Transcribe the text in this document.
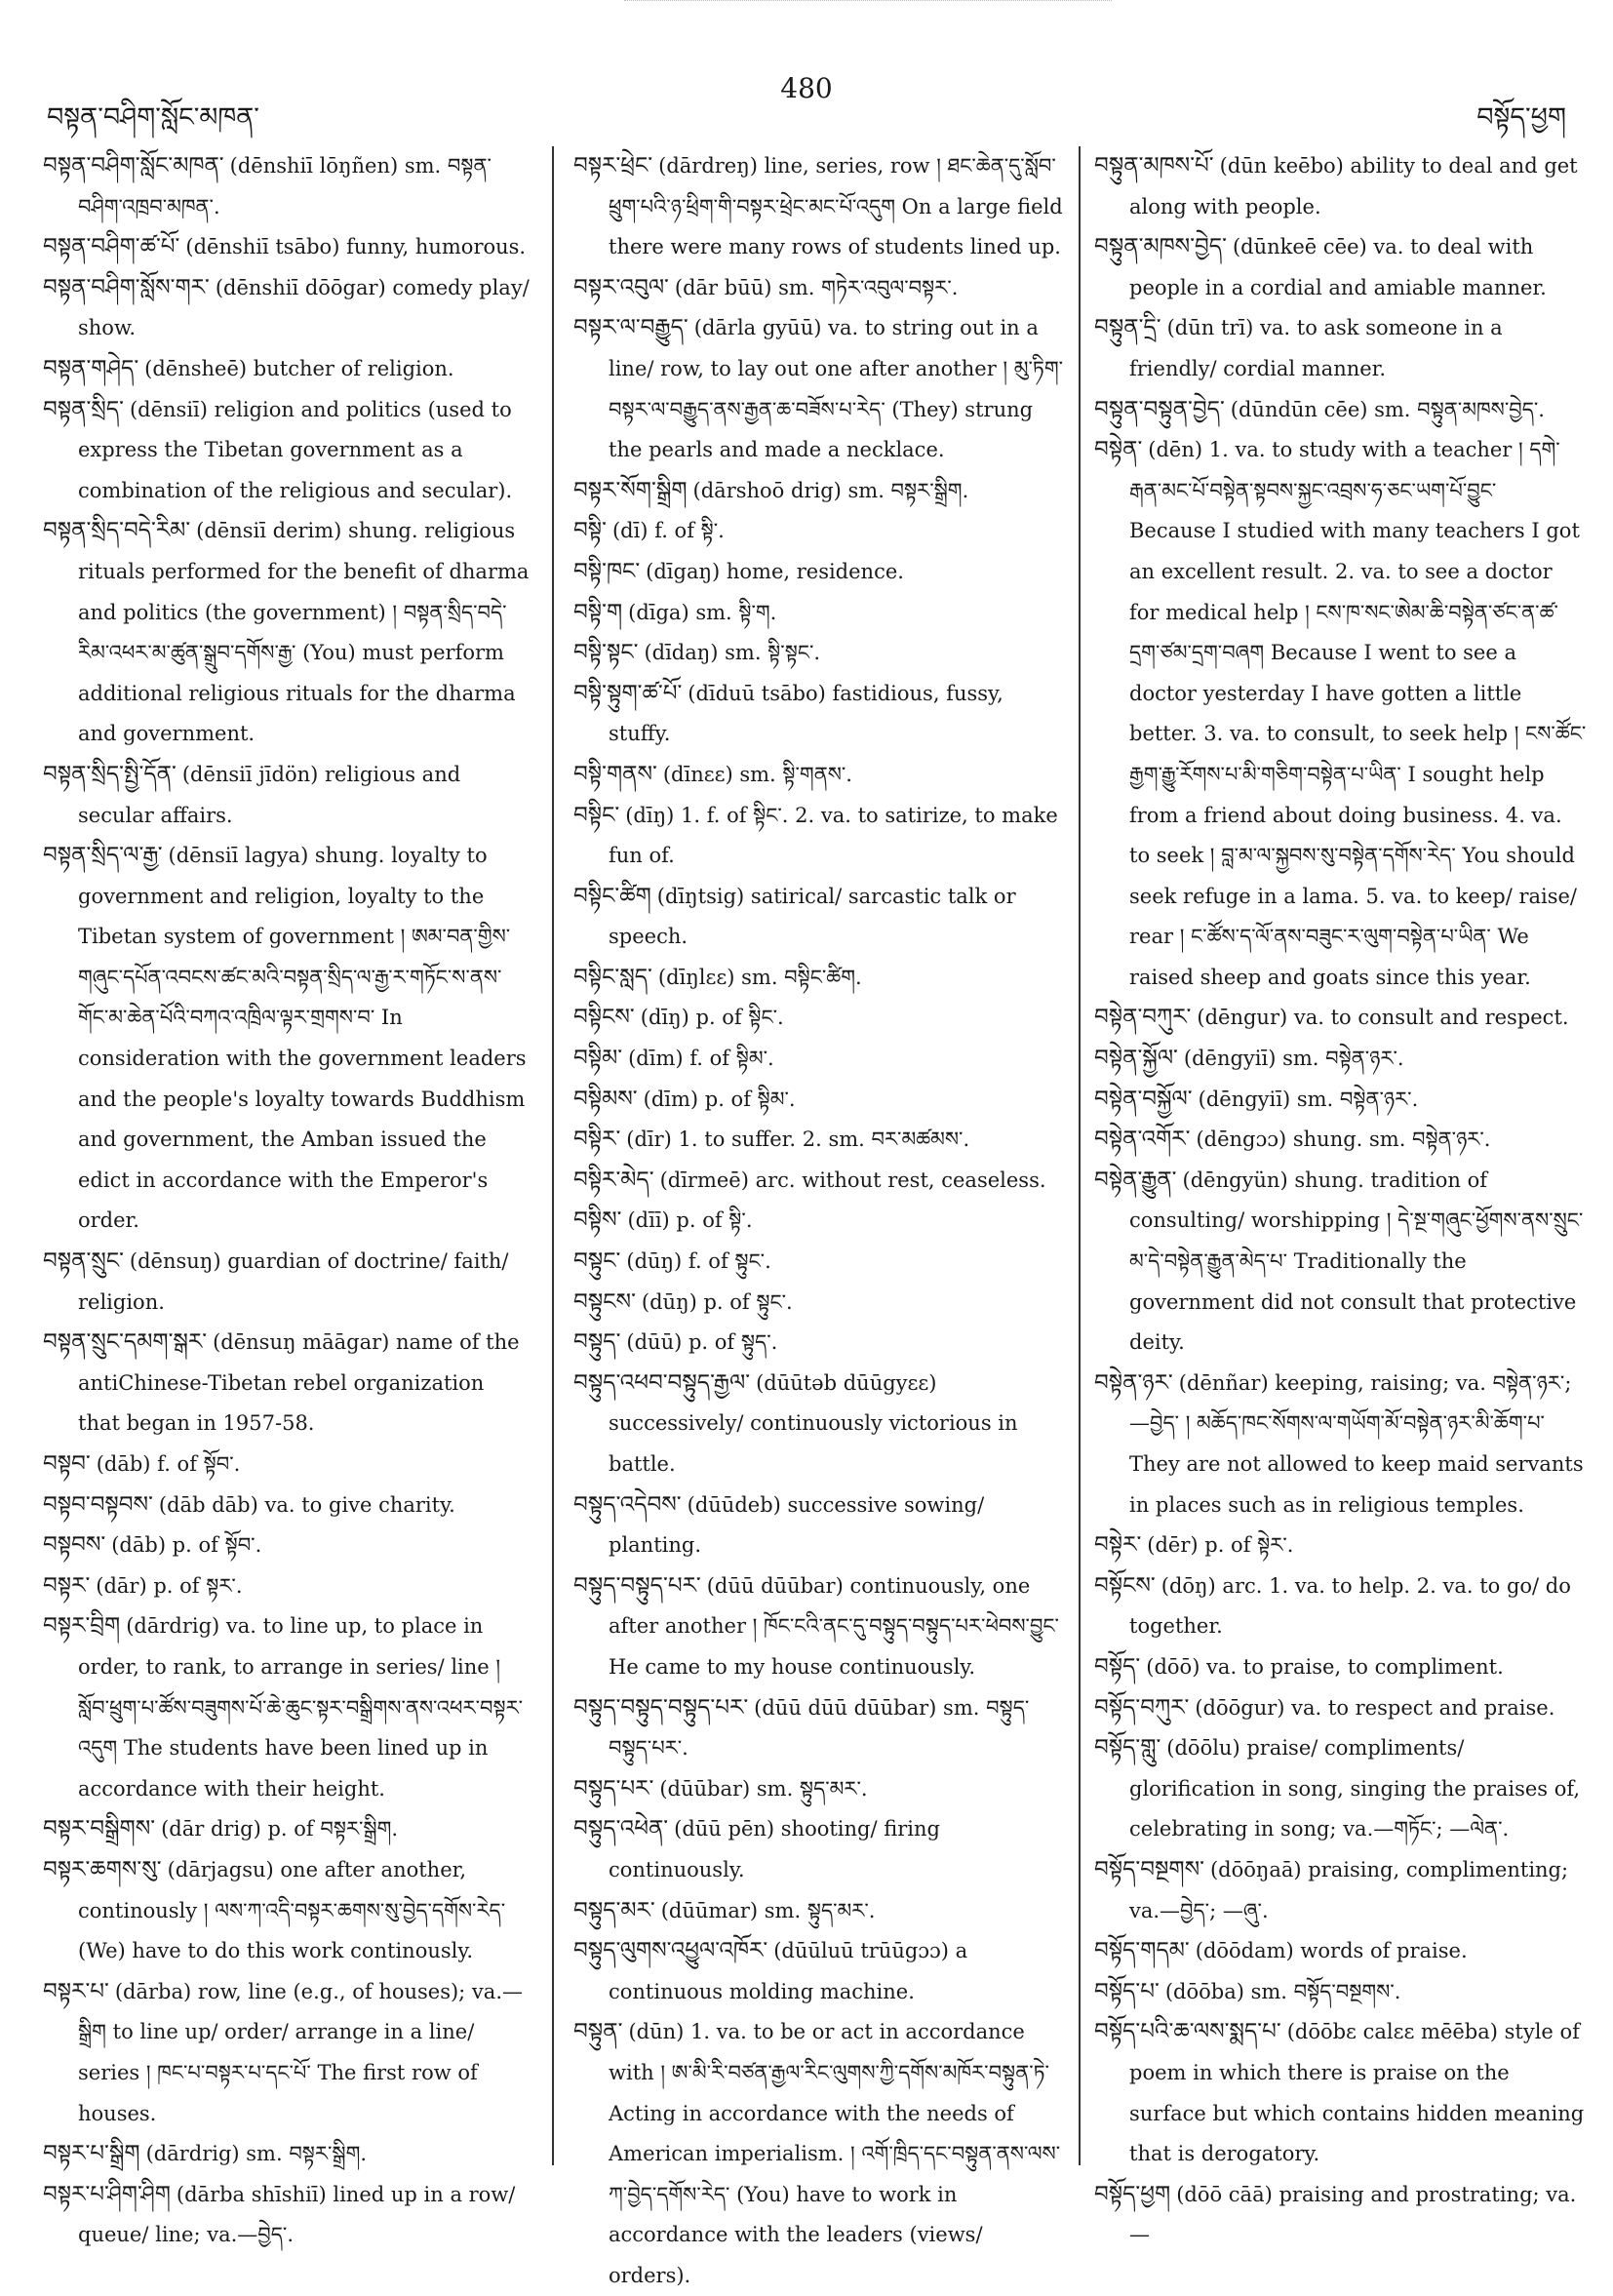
བསྟན་བཤིག་སློང་མཁན་
480
བསྟོད་ཕྱག

བསྟན་བཤིག་སློང་མཁན་ (dēnshiī lōŋñen) sm. བསྟན་བཤིག་འཁྲབ་མཁན་.

བསྟན་བཤིག་ཚ་པོ་ (dēnshiī tsābo) funny, humorous.

བསྟན་བཤིག་སློས་གར་ (dēnshiī dōōgar) comedy play/ show.

བསྟན་གཤེད་ (dēnsheē) butcher of religion.

བསྟན་སྲིད་ (dēnsiī) religion and politics (used to express the Tibetan government as a combination of the religious and secular).

བསྟན་སྲིད་བདེ་རིམ་ (dēnsiī derim) shung. religious rituals performed for the benefit of dharma and politics (the government) ། བསྟན་སྲིད་བདེ་རིམ་འཕར་མ་ཚུན་སྒྲུབ་དགོས་རྒྱ་ (You) must perform additional religious rituals for the dharma and government.

བསྟན་སྲིད་སྤྱི་དོན་ (dēnsiī jīdön) religious and secular affairs.

བསྟན་སྲིད་ལ་རྒྱ་ (dēnsiī lagya) shung. loyalty to government and religion, loyalty to the Tibetan system of government ། ཨམ་བན་གྱིས་གཞུང་དཔོན་འབངས་ཚང་མའི་བསྟན་སྲིད་ལ་རྒྱ་ར་གཏོང་ས་ནས་གོང་མ་ཆེན་པོའི་བཀའ་འཁྲིལ་ལྟར་གྲགས་བ་ In consideration with the government leaders and the people's loyalty towards Buddhism and government, the Amban issued the edict in accordance with the Emperor's order.

བསྟན་སྲུང་ (dēnsuŋ) guardian of doctrine/ faith/ religion.

བསྟན་སྲུང་དམག་སྒར་ (dēnsuŋ māāgar) name of the antiChinese-Tibetan rebel organization that began in 1957-58.

བསྟབ་ (dāb) f. of སྟོབ་.

བསྟབ་བསྟབས་ (dāb dāb) va. to give charity.

བསྟབས་ (dāb) p. of སྟོབ་.

བསྟར་ (dār) p. of སྟར་.

བསྟར་བྲིག (dārdrig) va. to line up, to place in order, to rank, to arrange in series/ line ། སློབ་ཕྲུག་པ་ཚོས་བཟུགས་པོ་ཆེ་ཆུང་སྟར་བསྒྲིགས་ནས་འཕར་བསྟར་འདུག The students have been lined up in accordance with their height.

བསྟར་བསྒྲིགས་ (dār drig) p. of བསྟར་སྒྲིག.

བསྟར་ཆགས་སུ་ (dārjagsu) one after another, continously ། ལས་ཀ་འདི་བསྟར་ཆགས་སུ་བྱེད་དགོས་རེད་ (We) have to do this work continously.

བསྟར་པ་ (dārba) row, line (e.g., of houses); va.— སྒྲིག to line up/ order/ arrange in a line/ series ། ཁང་པ་བསྟར་པ་དང་པོ་ The first row of houses.

བསྟར་པ་སྒྲིག (dārdrig) sm. བསྟར་སྒྲིག.

བསྟར་པ་ཤིག་ཤིག (dārba shīshiī) lined up in a row/ queue/ line; va.—བྱེད་.

བསྟར་ཕྲེང་ (dārdreŋ) line, series, row ། ཐང་ཆེན་དུ་སློབ་ཕྲུག་པའི་ཉ་ཕྲིག་གི་བསྟར་ཕྲེང་མང་པོ་འདུག On a large field there were many rows of students lined up.

བསྟར་འབུལ་ (dār būū) sm. གཏེར་འབུལ་བསྟར་.

བསྟར་ལ་བརྒྱུད་ (dārla gyūū) va. to string out in a line/ row, to lay out one after another ། མུ་ཏིག་བསྟར་ལ་བརྒྱུད་ནས་རྒྱན་ཆ་བཟོས་པ་རེད་ (They) strung the pearls and made a necklace.

བསྟར་སོག་སྒྲིག (dārshoō drig) sm. བསྟར་སྒྲིག.

བསྟི་ (dī) f. of སྟི་.

བསྟི་ཁང་ (dīgaŋ) home, residence.

བསྟི་ག (dīga) sm. སྟི་ག.

བསྟི་སྟང་ (dīdaŋ) sm. སྟི་སྟང་.

བསྟི་སྟུག་ཚ་པོ་ (dīduū tsābo) fastidious, fussy, stuffy.

བསྟི་གནས་ (dīnɛɛ) sm. སྟི་གནས་.

བསྟིང་ (dīŋ) 1. f. of སྟིང་. 2. va. to satirize, to make fun of.

བསྟིང་ཚིག (dīŋtsig) satirical/ sarcastic talk or speech.

བསྟིང་སླད་ (dīŋlɛɛ) sm. བསྟིང་ཚིག.

བསྟིངས་ (dīŋ) p. of སྟིང་.

བསྟིམ་ (dīm) f. of སྟིམ་.

བསྟིམས་ (dīm) p. of སྟིམ་.

བསྟིར་ (dīr) 1. to suffer. 2. sm. བར་མཚམས་.

བསྟིར་མེད་ (dīrmeē) arc. without rest, ceaseless.

བསྟིས་ (dīī) p. of སྟི་.

བསྟུང་ (dūŋ) f. of སྟུང་.

བསྟུངས་ (dūŋ) p. of སྟུང་.

བསྟུད་ (dūū) p. of སྟུད་.

བསྟུད་འཕབ་བསྟུད་རྒྱལ་ (dūūtəb dūūgyɛɛ) successively/ continuously victorious in battle.

བསྟུད་འདེབས་ (dūūdeb) successive sowing/ planting.

བསྟུད་བསྟུད་པར་ (dūū dūūbar) continuously, one after another ། ཁོང་ངའི་ནང་དུ་བསྟུད་བསྟུད་པར་ཕེབས་བྱུང་ He came to my house continuously.

བསྟུད་བསྟུད་བསྟུད་པར་ (dūū dūū dūūbar) sm. བསྟུད་བསྟུད་པར་.

བསྟུད་པར་ (dūūbar) sm. སྟུད་མར་.

བསྟུད་འཕེན་ (dūū pēn) shooting/ firing continuously.

བསྟུད་མར་ (dūūmar) sm. སྟུད་མར་.

བསྟུད་ལུགས་འཕྱུལ་འཁོར་ (dūūluū trūūgɔɔ) a continuous molding machine.

བསྟུན་ (dūn) 1. va. to be or act in accordance with ། ཨ་མི་རི་བཙན་རྒྱལ་རིང་ལུགས་ཀྱི་དགོས་མཁོར་བསྟུན་ཏེ་ Acting in accordance with the needs of American imperialism. ། འགོ་ཁྲིད་དང་བསྟུན་ནས་ལས་ཀ་བྱེད་དགོས་རེད་ (You) have to work in accordance with the leaders (views/ orders).

བསྟུན་མཁས་པོ་ (dūn keēbo) ability to deal and get along with people.

བསྟུན་མཁས་བྱེད་ (dūnkeē cēe) va. to deal with people in a cordial and amiable manner.

བསྟུན་དྲི་ (dūn trī) va. to ask someone in a friendly/ cordial manner.

བསྟུན་བསྟུན་བྱེད་ (dūndūn cēe) sm. བསྟུན་མཁས་བྱེད་.

བསྟེན་ (dēn) 1. va. to study with a teacher ། དགེ་རྒན་མང་པོ་བསྟེན་སྟབས་སྐྱང་འབྲས་ཧ་ཅང་ཡག་པོ་བྱུང་ Because I studied with many teachers I got an excellent result. 2. va. to see a doctor for medical help ། ངས་ཁ་སང་ཨེམ་ཆི་བསྟེན་ཙང་ན་ཚ་དྲག་ཙམ་དྲག་བཞག Because I went to see a doctor yesterday I have gotten a little better. 3. va. to consult, to seek help ། ངས་ཚོང་རྒྱག་རྒྱུ་རོགས་པ་མི་གཅིག་བསྟེན་པ་ཡིན་ I sought help from a friend about doing business. 4. va. to seek ། བླ་མ་ལ་སྐྱབས་སུ་བསྟེན་དགོས་རེད་ You should seek refuge in a lama. 5. va. to keep/ raise/ rear ། ང་ཚོས་ད་ལོ་ནས་བཟུང་ར་ལུག་བསྟེན་པ་ཡིན་ We raised sheep and goats since this year.

བསྟེན་བཀུར་ (dēngur) va. to consult and respect.

བསྟེན་སྐྱོལ་ (dēngyiī) sm. བསྟེན་ཉར་.

བསྟེན་བསྐྱོལ་ (dēngyiī) sm. བསྟེན་ཉར་.

བསྟེན་འགོར་ (dēngɔɔ) shung. sm. བསྟེན་ཉར་.

བསྟེན་རྒྱུན་ (dēngyün) shung. tradition of consulting/ worshipping ། དེ་སྔ་གཞུང་ཕྱོགས་ནས་སྲུང་མ་དེ་བསྟེན་རྒྱུན་མེད་པ་ Traditionally the government did not consult that protective deity.

བསྟེན་ཉར་ (dēnñar) keeping, raising; va. བསྟེན་ཉར་; —བྱེད་ ། མཆོད་ཁང་སོགས་ལ་གཡོག་མོ་བསྟེན་ཉར་མི་ཆོག་པ་ They are not allowed to keep maid servants in places such as in religious temples.

བསྟེར་ (dēr) p. of སྟེར་.

བསྟོངས་ (dōŋ) arc. 1. va. to help. 2. va. to go/ do together.

བསྟོད་ (dōō) va. to praise, to compliment.

བསྟོད་བཀུར་ (dōōgur) va. to respect and praise.

བསྟོད་གླུ་ (dōōlu) praise/ compliments/ glorification in song, singing the praises of, celebrating in song; va.—གཏོང་; —ལེན་.

བསྟོད་བསྔགས་ (dōōŋaā) praising, complimenting; va.—བྱེད་; —ཞུ་.

བསྟོད་གདམ་ (dōōdam) words of praise.

བསྟོད་པ་ (dōōba) sm. བསྟོད་བསྔགས་.

བསྟོད་པའི་ཆ་ལས་སྨད་པ་ (dōōbɛ calɛɛ mēēba) style of poem in which there is praise on the surface but which contains hidden meaning that is derogatory.

བསྟོད་ཕྱག (dōō cāā) praising and prostrating; va.—
